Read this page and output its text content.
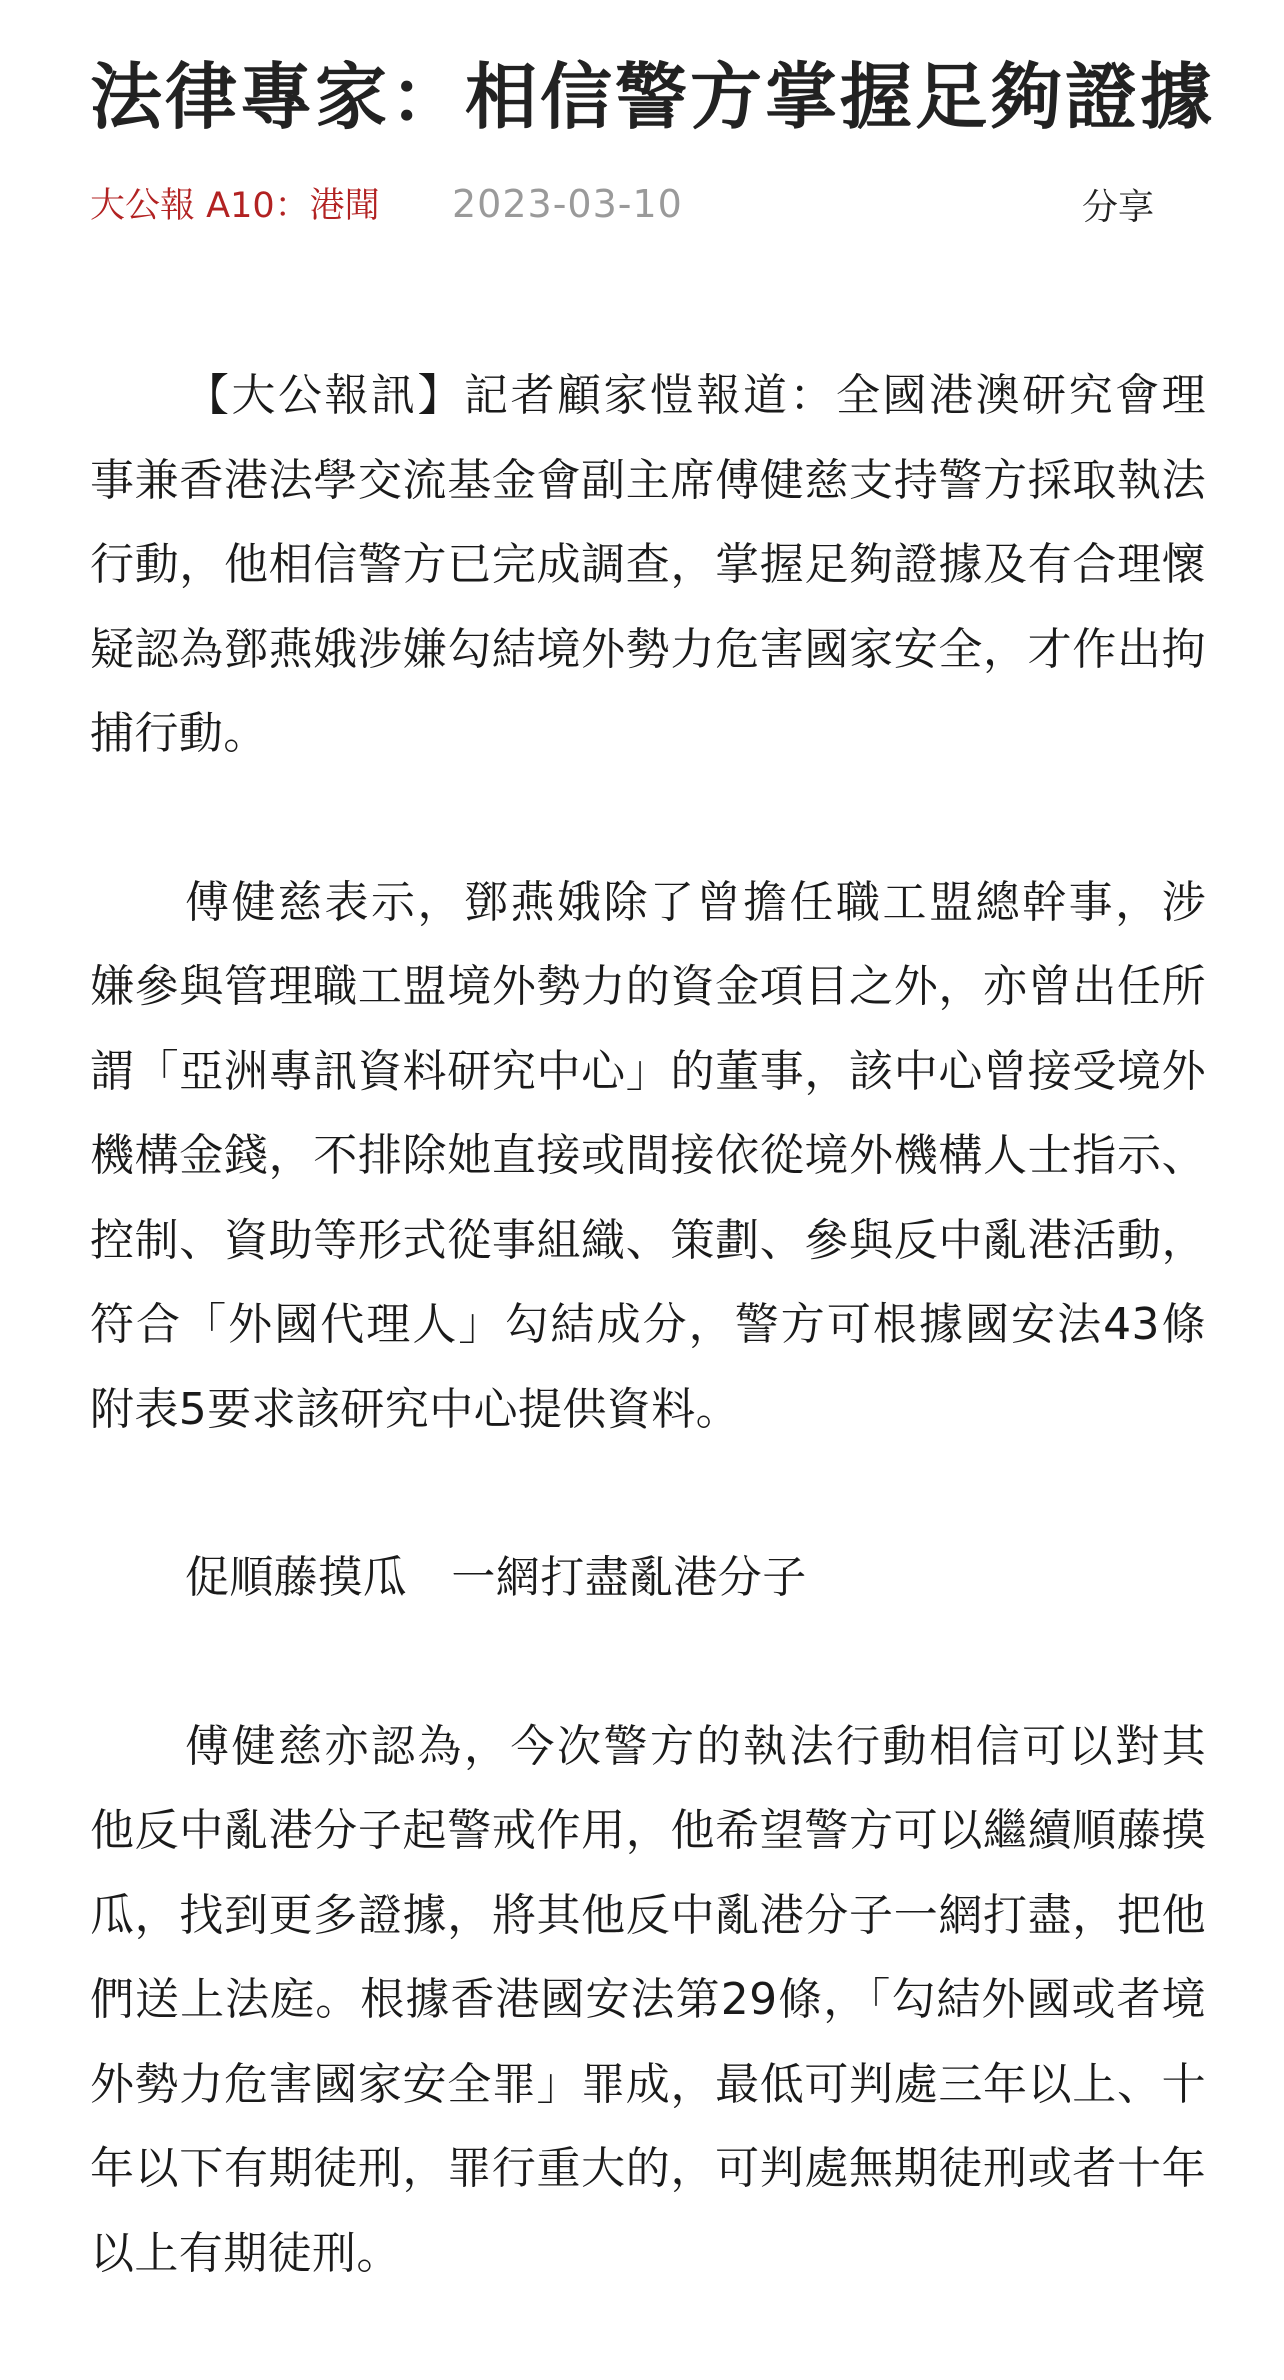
法律專家：相信警方掌握足夠證據
大公報 A10：港聞 2023-03-10	分享

【大公報訊】記者顧家愷報道：全國港澳研究會理事兼香港法學交流基金會副主席傅健慈支持警方採取執法行動，他相信警方已完成調查，掌握足夠證據及有合理懷疑認為鄧燕娥涉嫌勾結境外勢力危害國家安全，才作出拘捕行動。

傅健慈表示，鄧燕娥除了曾擔任職工盟總幹事，涉嫌參與管理職工盟境外勢力的資金項目之外，亦曾出任所謂「亞洲專訊資料研究中心」的董事，該中心曾接受境外機構金錢，不排除她直接或間接依從境外機構人士指示、控制、資助等形式從事組織、策劃、參與反中亂港活動，符合「外國代理人」勾結成分，警方可根據國安法43條附表5要求該研究中心提供資料。

促順藤摸瓜　一網打盡亂港分子

傅健慈亦認為，今次警方的執法行動相信可以對其他反中亂港分子起警戒作用，他希望警方可以繼續順藤摸瓜，找到更多證據，將其他反中亂港分子一網打盡，把他們送上法庭。根據香港國安法第29條，「勾結外國或者境外勢力危害國家安全罪」罪成，最低可判處三年以上、十年以下有期徒刑，罪行重大的，可判處無期徒刑或者十年以上有期徒刑。
